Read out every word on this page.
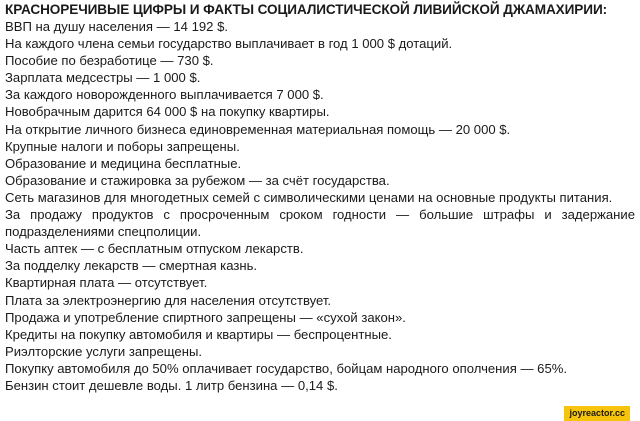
КРАСНОРЕЧИВЫЕ ЦИФРЫ И ФАКТЫ СОЦИАЛИСТИЧЕСКОЙ ЛИВИЙСКОЙ ДЖАМАХИРИИ:

ВВП на душу населения — 14 192 $.

На каждого члена семьи государство выплачивает в год 1 000 $ дотаций.

Пособие по безработице — 730 $.

Зарплата медсестры — 1 000 $.

За каждого новорожденного выплачивается 7 000 $.

Новобрачным дарится 64 000 $ на покупку квартиры.

На открытие личного бизнеса единовременная материальная помощь — 20 000 $.

Крупные налоги и поборы запрещены.

Образование и медицина бесплатные.

Образование и стажировка за рубежом — за счёт государства.

Сеть магазинов для многодетных семей с символическими ценами на основные продукты питания.

За продажу продуктов с просроченным сроком годности — большие штрафы и задержание подразделениями спецполиции.

Часть аптек — с бесплатным отпуском лекарств.

За подделку лекарств — смертная казнь.

Квартирная плата — отсутствует.

Плата за электроэнергию для населения отсутствует.

Продажа и употребление спиртного запрещены — «сухой закон».

Кредиты на покупку автомобиля и квартиры — беспроцентные.

Риэлторские услуги запрещены.

Покупку автомобиля до 50% оплачивает государство, бойцам народного ополчения — 65%.

Бензин стоит дешевле воды. 1 литр бензина — 0,14 $.

joyreactor.cc
